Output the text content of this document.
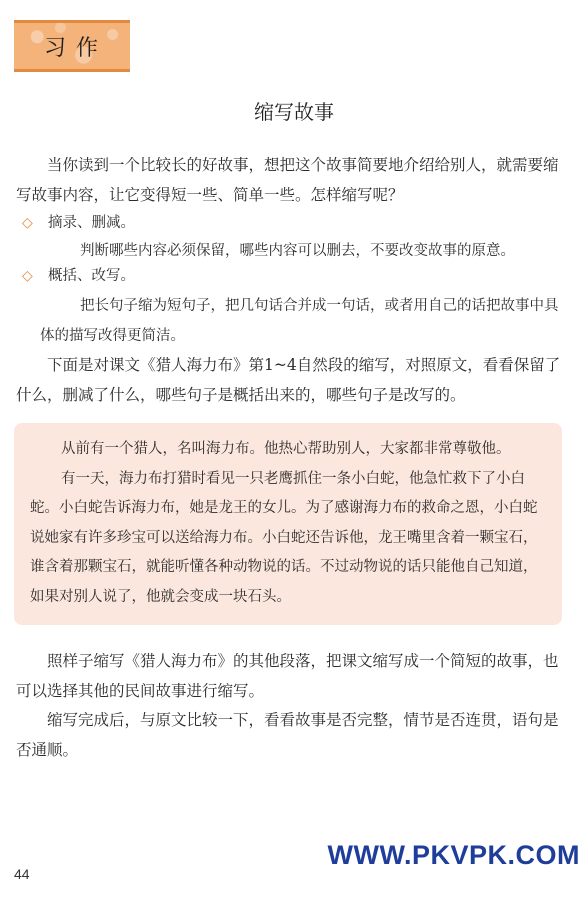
习作
缩写故事

当你读到一个比较长的好故事，想把这个故事简要地介绍给别人，就需要缩写故事内容，让它变得短一些、简单一些。怎样缩写呢？

◇	摘录、删减。
判断哪些内容必须保留，哪些内容可以删去，不要改变故事的原意。
◇	概括、改写。
把长句子缩为短句子，把几句话合并成一句话，或者用自己的话把故事中具体的描写改得更简洁。

下面是对课文《猎人海力布》第1~4自然段的缩写，对照原文，看看保留了什么，删减了什么，哪些句子是概括出来的，哪些句子是改写的。

从前有一个猎人，名叫海力布。他热心帮助别人，大家都非常尊敬他。

有一天，海力布打猎时看见一只老鹰抓住一条小白蛇，他急忙救下了小白蛇。小白蛇告诉海力布，她是龙王的女儿。为了感谢海力布的救命之恩，小白蛇说她家有许多珍宝可以送给海力布。小白蛇还告诉他，龙王嘴里含着一颗宝石，谁含着那颗宝石，就能听懂各种动物说的话。不过动物说的话只能他自己知道，如果对别人说了，他就会变成一块石头。

照样子缩写《猎人海力布》的其他段落，把课文缩写成一个简短的故事，也可以选择其他的民间故事进行缩写。

缩写完成后，与原文比较一下，看看故事是否完整，情节是否连贯，语句是否通顺。

44
WWW.PKVPK.COM
